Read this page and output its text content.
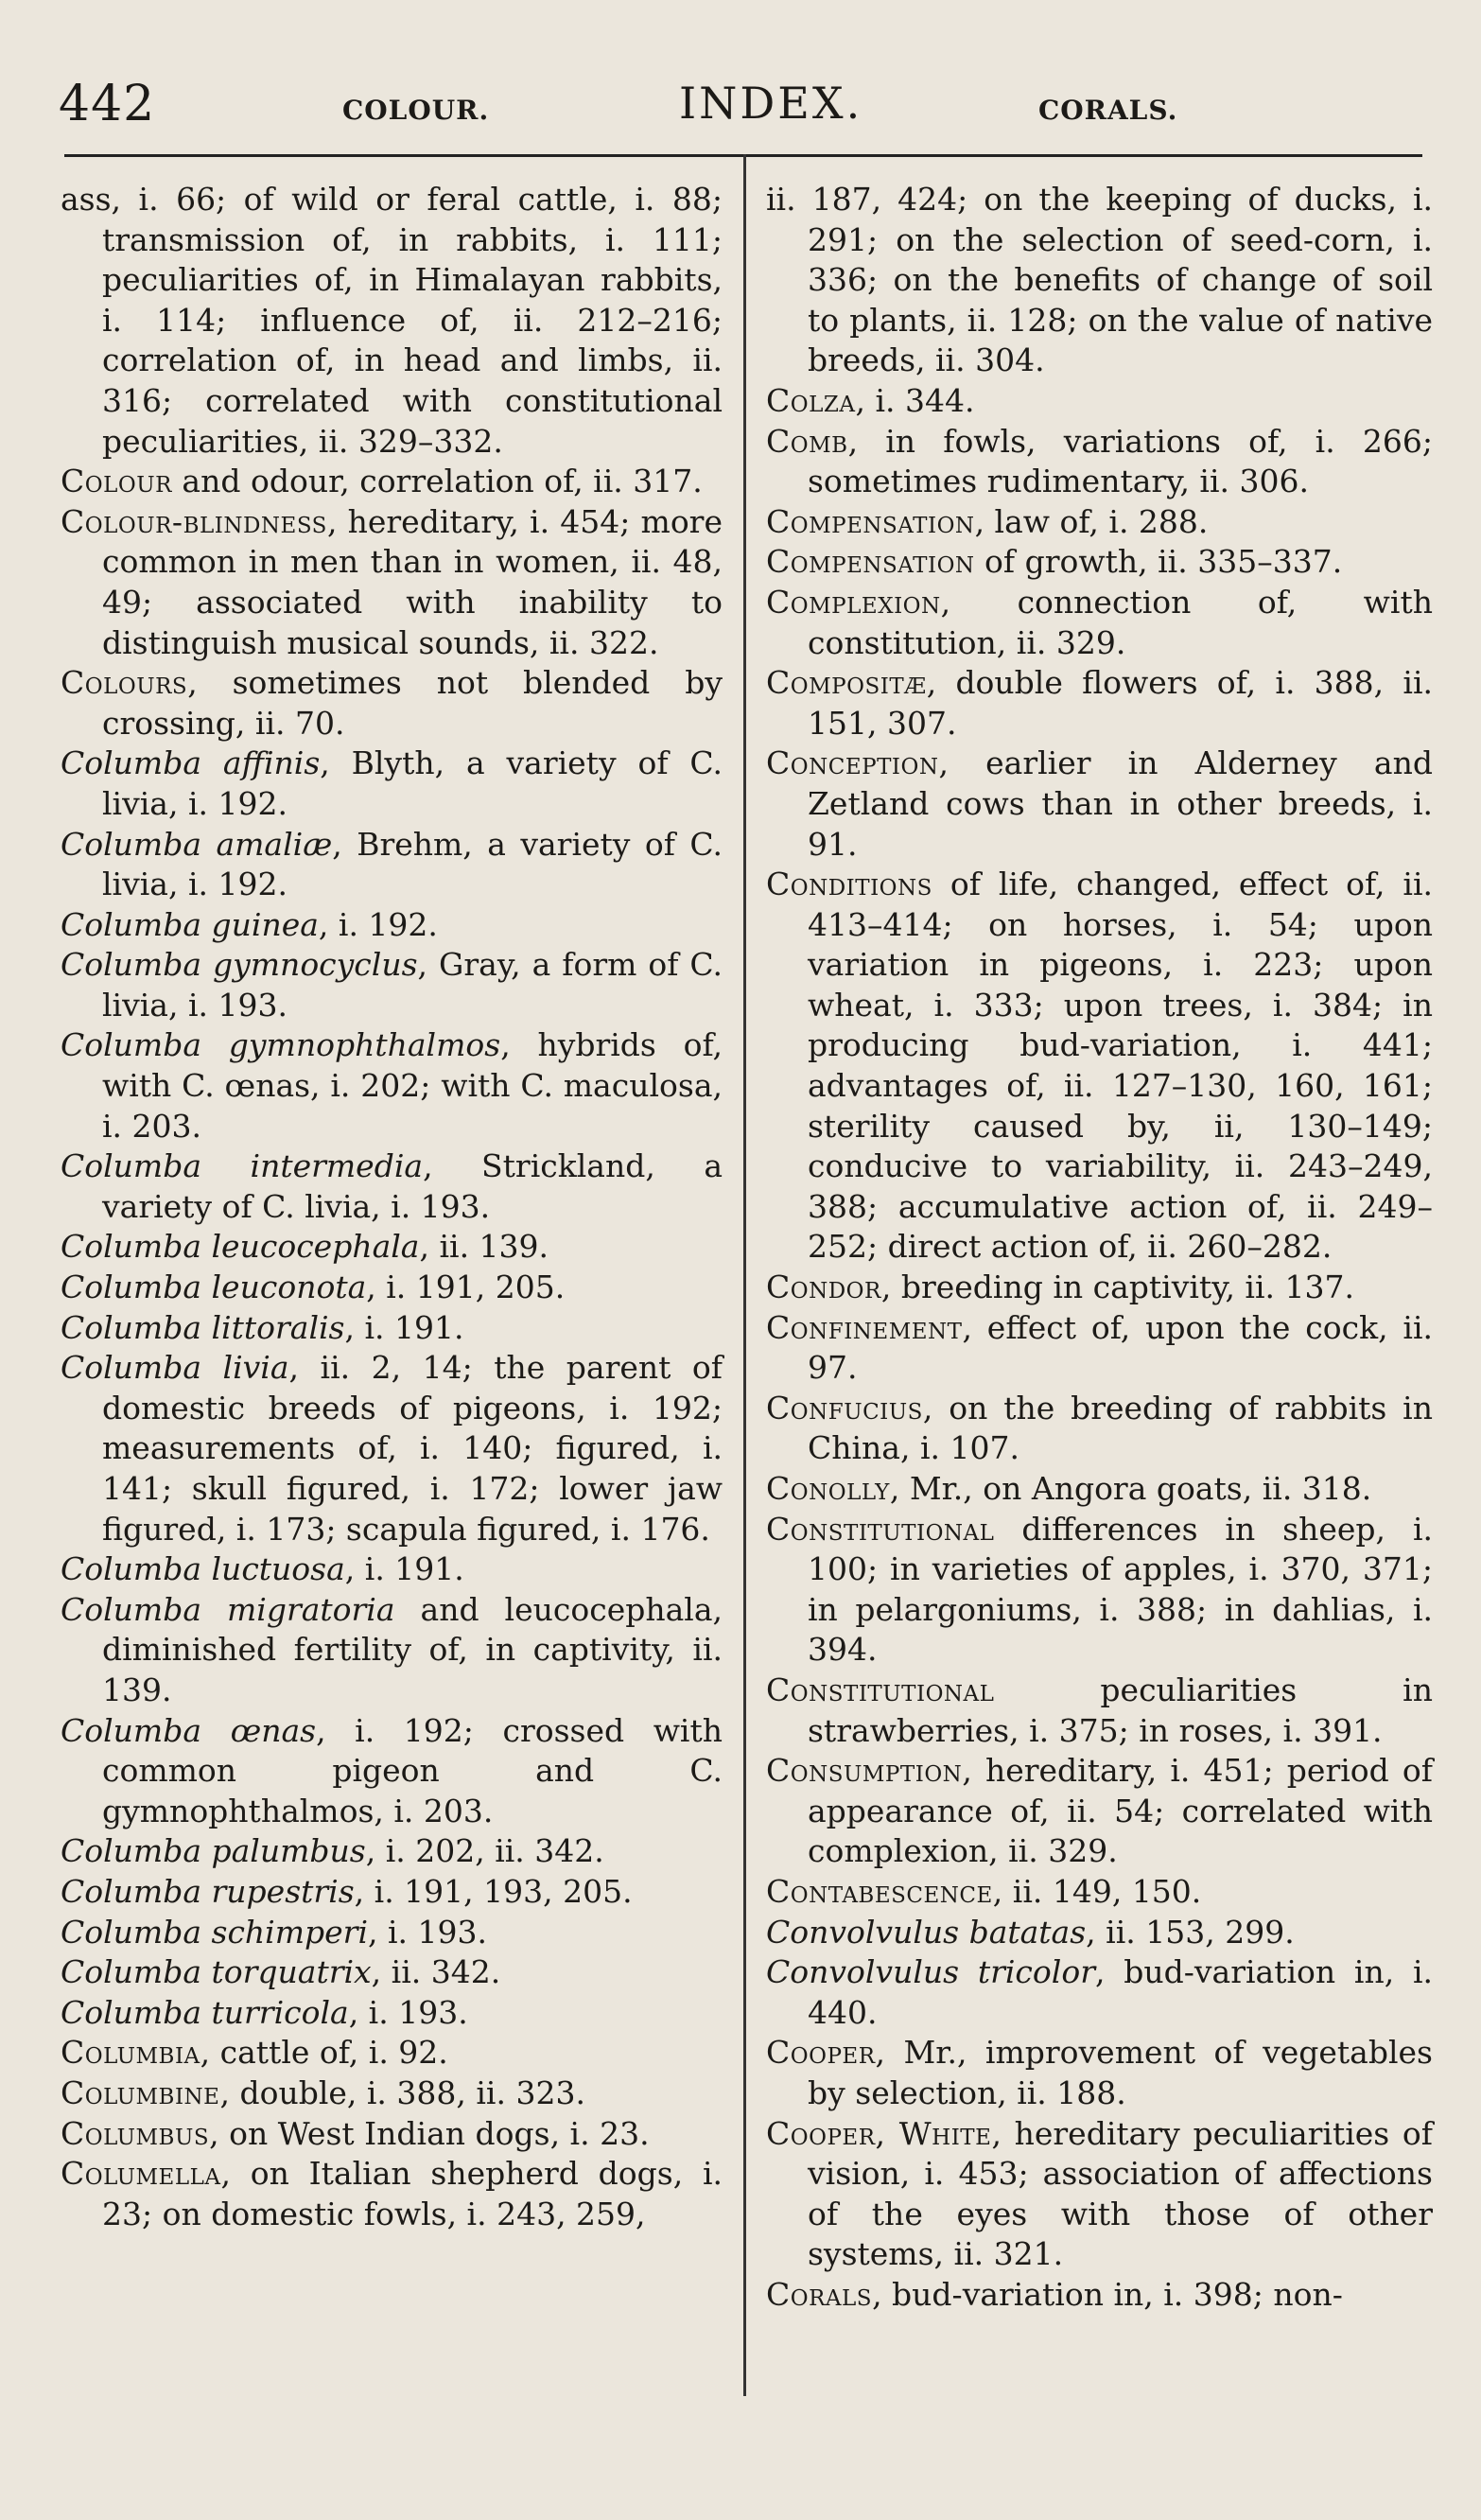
442	COLOUR.	INDEX.	CORALS.

ass, i. 66; of wild or feral cattle, i. 88; transmission of, in rabbits, i. 111; peculiarities of, in Himalayan rabbits, i. 114; influence of, ii. 212–216; correlation of, in head and limbs, ii. 316; correlated with constitutional peculiarities, ii. 329–332.

Colour and odour, correlation of, ii. 317.

Colour-blindness, hereditary, i. 454; more common in men than in women, ii. 48, 49; associated with inability to distinguish musical sounds, ii. 322.

Colours, sometimes not blended by crossing, ii. 70.

Columba affinis, Blyth, a variety of C. livia, i. 192.

Columba amaliæ, Brehm, a variety of C. livia, i. 192.

Columba guinea, i. 192.

Columba gymnocyclus, Gray, a form of C. livia, i. 193.

Columba gymnophthalmos, hybrids of, with C. œnas, i. 202; with C. maculosa, i. 203.

Columba intermedia, Strickland, a variety of C. livia, i. 193.

Columba leucocephala, ii. 139.

Columba leuconota, i. 191, 205.

Columba littoralis, i. 191.

Columba livia, ii. 2, 14; the parent of domestic breeds of pigeons, i. 192; measurements of, i. 140; figured, i. 141; skull figured, i. 172; lower jaw figured, i. 173; scapula figured, i. 176.

Columba luctuosa, i. 191.

Columba migratoria and leucocephala, diminished fertility of, in captivity, ii. 139.

Columba œnas, i. 192; crossed with common pigeon and C. gymnophthalmos, i. 203.

Columba palumbus, i. 202, ii. 342.

Columba rupestris, i. 191, 193, 205.

Columba schimperi, i. 193.

Columba torquatrix, ii. 342.

Columba turricola, i. 193.

Columbia, cattle of, i. 92.

Columbine, double, i. 388, ii. 323.

Columbus, on West Indian dogs, i. 23.

Columella, on Italian shepherd dogs, i. 23; on domestic fowls, i. 243, 259,

ii. 187, 424; on the keeping of ducks, i. 291; on the selection of seed-corn, i. 336; on the benefits of change of soil to plants, ii. 128; on the value of native breeds, ii. 304.

Colza, i. 344.

Comb, in fowls, variations of, i. 266; sometimes rudimentary, ii. 306.

Compensation, law of, i. 288.

Compensation of growth, ii. 335–337.

Complexion, connection of, with constitution, ii. 329.

Compositæ, double flowers of, i. 388, ii. 151, 307.

Conception, earlier in Alderney and Zetland cows than in other breeds, i. 91.

Conditions of life, changed, effect of, ii. 413–414; on horses, i. 54; upon variation in pigeons, i. 223; upon wheat, i. 333; upon trees, i. 384; in producing bud-variation, i. 441; advantages of, ii. 127–130, 160, 161; sterility caused by, ii, 130–149; conducive to variability, ii. 243–249, 388; accumulative action of, ii. 249–252; direct action of, ii. 260–282.

Condor, breeding in captivity, ii. 137.

Confinement, effect of, upon the cock, ii. 97.

Confucius, on the breeding of rabbits in China, i. 107.

Conolly, Mr., on Angora goats, ii. 318.

Constitutional differences in sheep, i. 100; in varieties of apples, i. 370, 371; in pelargoniums, i. 388; in dahlias, i. 394.

Constitutional peculiarities in strawberries, i. 375; in roses, i. 391.

Consumption, hereditary, i. 451; period of appearance of, ii. 54; correlated with complexion, ii. 329.

Contabescence, ii. 149, 150.

Convolvulus batatas, ii. 153, 299.

Convolvulus tricolor, bud-variation in, i. 440.

Cooper, Mr., improvement of vegetables by selection, ii. 188.

Cooper, White, hereditary peculiarities of vision, i. 453; association of affections of the eyes with those of other systems, ii. 321.

Corals, bud-variation in, i. 398; non-
